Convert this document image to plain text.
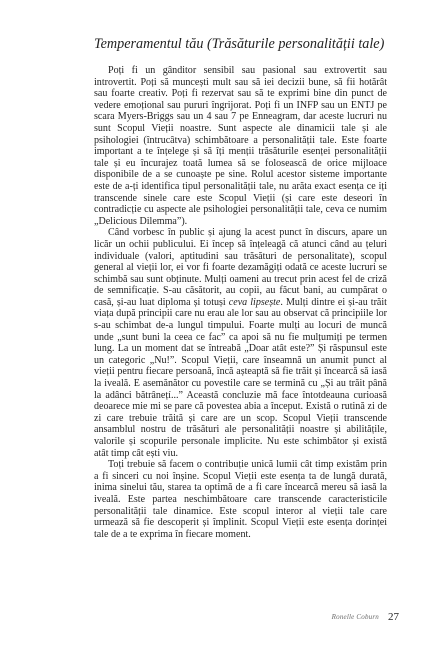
Temperamentul tău (Trăsăturile personalității tale)

Poți fi un gânditor sensibil sau pasional sau extrovertit sau introvertit. Poți să muncești mult sau să iei decizii bune, să fii hotărât sau foarte creativ. Poți fi rezervat sau să te exprimi bine din punct de vedere emoțional sau pururi îngrijorat. Poți fi un INFP sau un ENTJ pe scara Myers-Briggs sau un 4 sau 7 pe Enneagram, dar aceste lucruri nu sunt Scopul Vieții noastre. Sunt aspecte ale dinamicii tale și ale psihologiei (întrucâtva) schimbătoare a personalității tale. Este foarte important a te înțelege și să îți menții trăsăturile esenței personalității tale și eu încurajez toată lumea să se folosească de orice mijloace disponibile de a se cunoaște pe sine. Rolul acestor sisteme importante este de a-ți identifica tipul personalității tale, nu arăta exact esența ce iți transcende sinele care este Scopul Vieții (și care este deseori în contradicție cu aspecte ale psihologiei personalității tale, ceva ce numim „Delicious Dilemma”).

Când vorbesc în public și ajung la acest punct în discurs, apare un licăr un ochii publicului. Ei încep să înțeleagă că atunci când au țeluri individuale (valori, aptitudini sau trăsături de personalitate), scopul general al vieții lor, ei vor fi foarte dezamăgiți odată ce aceste lucruri se schimbă sau sunt obținute. Mulți oameni au trecut prin acest fel de criză de semnificație. S-au căsătorit, au copii, au făcut bani, au cumpărat o casă, și-au luat diploma și totuși ceva lipsește. Mulți dintre ei și-au trăit viața după principii care nu erau ale lor sau au observat că principiile lor s-au schimbat de-a lungul timpului. Foarte mulți au locuri de muncă unde „sunt buni la ceea ce fac” ca apoi să nu fie mulțumiți pe termen lung. La un moment dat se întreabă „Doar atât este?” Și răspunsul este un categoric „Nu!”. Scopul Vieții, care înseamnă un anumit punct al vieții pentru fiecare persoană, încă așteaptă să fie trăit și încearcă să iasă la iveală. E asemănător cu povestile care se termină cu „Și au trăit până la adânci bătrânețí...” Această concluzie mă face întotdeauna curioasă deoarece mie mi se pare că povestea abia a început. Există o rutină zi de zi care trebuie trăită și care are un scop. Scopul Vieții transcende ansamblul nostru de trăsături ale personalității noastre și abilitățile, valorile și scopurile personale implicite. Nu este schimbător și există atât timp cât ești viu.

Toți trebuie să facem o contribuție unică lumii cât timp existăm prin a fi sinceri cu noi înșine. Scopul Vieții este esența ta de lungă durată, inima sinelui tău, starea ta optimă de a fi care încearcă mereu să iasă la iveală. Este partea neschimbătoare care transcende caracteristicile personalității tale dinamice. Este scopul interor al vieții tale care urmează să fie descoperit și împlinit. Scopul Vieții este esența dorinței tale de a te exprima în fiecare moment.

Ronelle Coburn 27
